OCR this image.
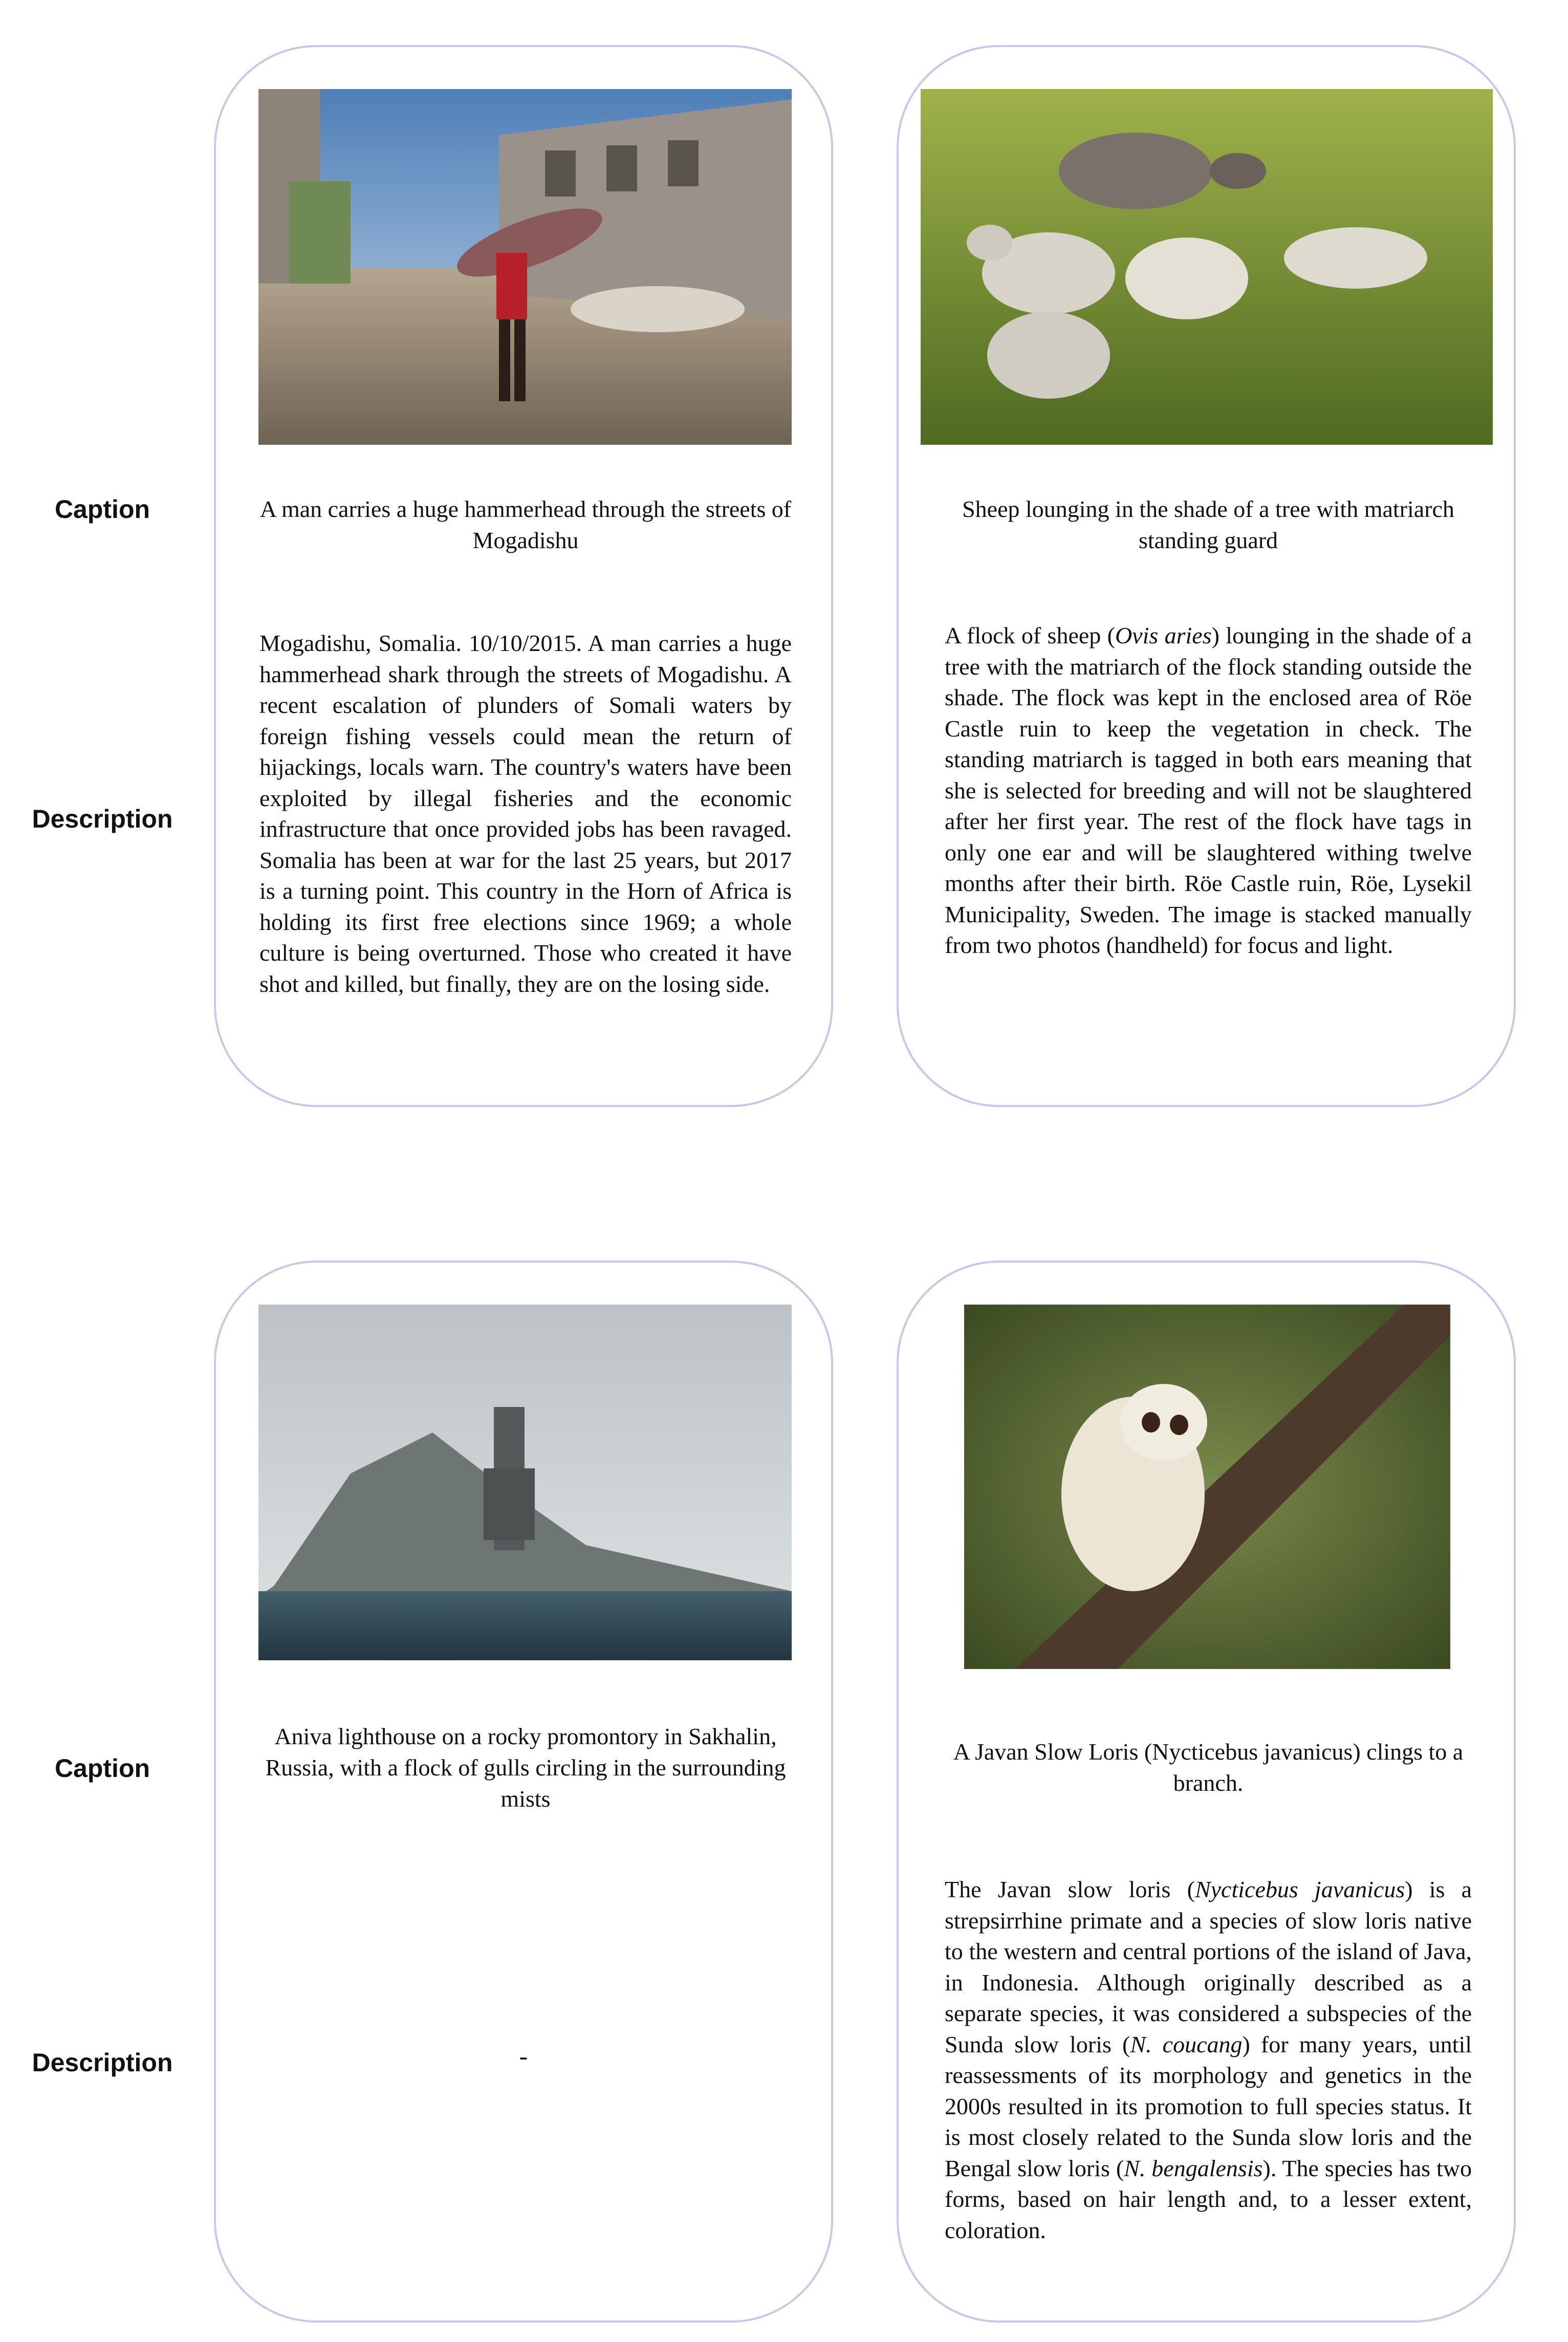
Caption
Description
Caption
Description
A man carries a huge hammerhead through the streets of Mogadishu
Mogadishu, Somalia. 10/10/2015. A man carries a huge hammerhead shark through the streets of Mogadishu. A recent escalation of plunders of Somali waters by foreign fishing vessels could mean the return of hijackings, locals warn. The country's waters have been exploited by illegal fisheries and the economic infrastructure that once provided jobs has been ravaged. Somalia has been at war for the last 25 years, but 2017 is a turning point. This country in the Horn of Africa is holding its first free elections since 1969; a whole culture is being overturned. Those who created it have shot and killed, but finally, they are on the losing side.
Sheep lounging in the shade of a tree with matriarch standing guard
A flock of sheep (Ovis aries) lounging in the shade of a tree with the matriarch of the flock standing outside the shade. The flock was kept in the enclosed area of Röe Castle ruin to keep the vegetation in check. The standing matriarch is tagged in both ears meaning that she is selected for breeding and will not be slaughtered after her first year. The rest of the flock have tags in only one ear and will be slaughtered withing twelve months after their birth. Röe Castle ruin, Röe, Lysekil Municipality, Sweden. The image is stacked manually from two photos (handheld) for focus and light.
Aniva lighthouse on a rocky promontory in Sakhalin, Russia, with a flock of gulls circling in the surrounding mists
-
A Javan Slow Loris (Nycticebus javanicus) clings to a branch.
The Javan slow loris (Nycticebus javanicus) is a strepsirrhine primate and a species of slow loris native to the western and central portions of the island of Java, in Indonesia. Although originally described as a separate species, it was considered a subspecies of the Sunda slow loris (N. coucang) for many years, until reassessments of its morphology and genetics in the 2000s resulted in its promotion to full species status. It is most closely related to the Sunda slow loris and the Bengal slow loris (N. bengalensis). The species has two forms, based on hair length and, to a lesser extent, coloration.
